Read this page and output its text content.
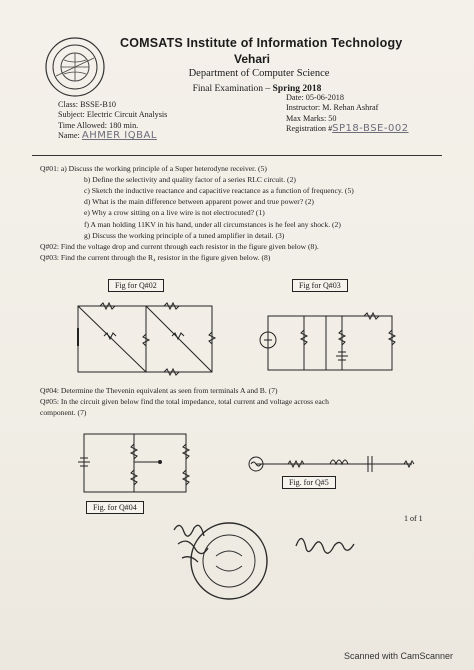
COMSATS Institute of Information Technology
Vehari
Department of Computer Science
Final Examination – Spring 2018
Class: BSSE-B10
Subject: Electric Circuit Analysis
Time Allowed: 180 min.
Name: AHMER IQBAL
Date: 05-06-2018
Instructor: M. Rehan Ashraf
Max Marks: 50
Registration #SP18-BSE-002
Q#01: a) Discuss the working principle of a Super heterodyne receiver. (5)
b) Define the selectivity and quality factor of a series RLC circuit. (2)
c) Sketch the inductive reactance and capacitive reactance as a function of frequency. (5)
d) What is the main difference between apparent power and true power? (2)
e) Why a crow sitting on a live wire is not electrocuted? (1)
f) A man holding 11KV in his hand, under all circumstances is he feel any shock. (2)
g) Discuss the working principle of a tuned amplifier in detail. (3)
Q#02: Find the voltage drop and current through each resistor in the figure given below (8).
Q#03: Find the current through the R₄ resistor in the figure given below. (8)
Fig for Q#02	Fig for Q#03
Q#04: Determine the Thevenin equivalent as seen from terminals A and B. (7)
Q#05: In the circuit given below find the total impedance, total current and voltage across each
component. (7)
Fig. for Q#04
Fig. for Q#5
1 of 1
Scanned with CamScanner
